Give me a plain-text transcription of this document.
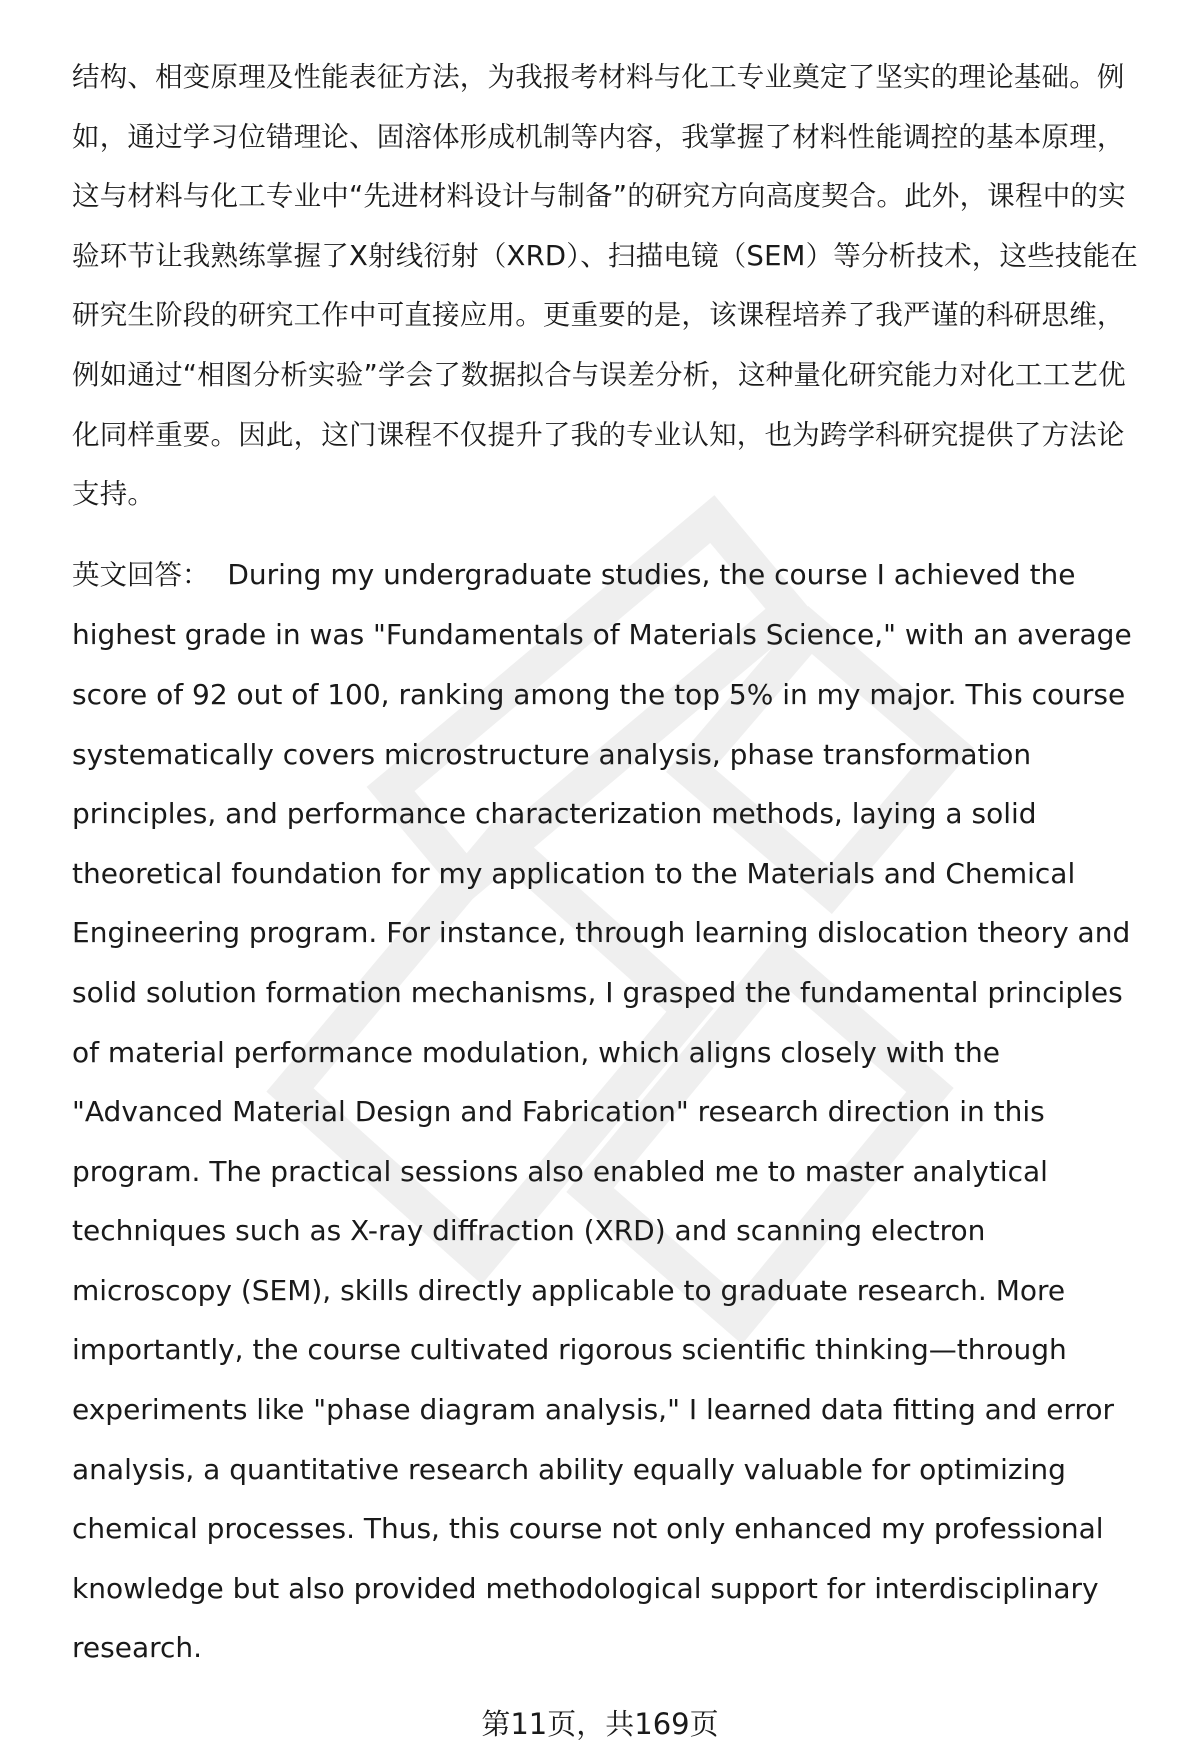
结构、相变原理及性能表征方法，为我报考材料与化工专业奠定了坚实的理论基础。例如，通过学习位错理论、固溶体形成机制等内容，我掌握了材料性能调控的基本原理，这与材料与化工专业中“先进材料设计与制备”的研究方向高度契合。此外，课程中的实验环节让我熟练掌握了X射线衍射（XRD）、扫描电镜（SEM）等分析技术，这些技能在研究生阶段的研究工作中可直接应用。更重要的是，该课程培养了我严谨的科研思维，例如通过“相图分析实验”学会了数据拟合与误差分析，这种量化研究能力对化工工艺优化同样重要。因此，这门课程不仅提升了我的专业认知，也为跨学科研究提供了方法论支持。

英文回答： During my undergraduate studies, the course I achieved the highest grade in was "Fundamentals of Materials Science," with an average score of 92 out of 100, ranking among the top 5% in my major. This course systematically covers microstructure analysis, phase transformation principles, and performance characterization methods, laying a solid theoretical foundation for my application to the Materials and Chemical Engineering program. For instance, through learning dislocation theory and solid solution formation mechanisms, I grasped the fundamental principles of material performance modulation, which aligns closely with the "Advanced Material Design and Fabrication" research direction in this program. The practical sessions also enabled me to master analytical techniques such as X-ray diffraction (XRD) and scanning electron microscopy (SEM), skills directly applicable to graduate research. More importantly, the course cultivated rigorous scientific thinking—through experiments like "phase diagram analysis," I learned data fitting and error analysis, a quantitative research ability equally valuable for optimizing chemical processes. Thus, this course not only enhanced my professional knowledge but also provided methodological support for interdisciplinary research.

第11页，共169页
